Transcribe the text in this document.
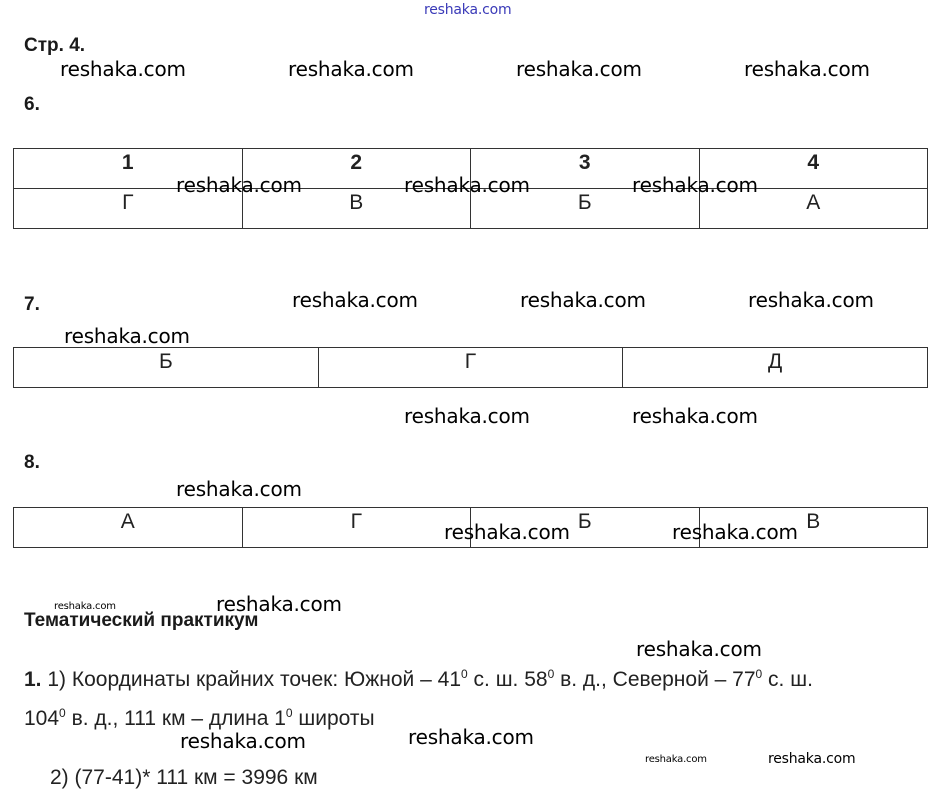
reshaka.com
reshaka.com	reshaka.com	reshaka.com	reshaka.com
Стр. 4.
6.
1	2	3	4
Г	В	Б	А
reshaka.com	reshaka.com	reshaka.com
7.	reshaka.com	reshaka.com	reshaka.com
reshaka.com
Б	Г	Д
reshaka.com	reshaka.com
8.
reshaka.com
А	Г	Б	В
reshaka.com	reshaka.com
reshaka.com	reshaka.com
Тематический практикум
reshaka.com
1. 1) Координаты крайних точек: Южной – $41^0$ с. ш. $58^0$ в. д., Северной – $77^0$ с. ш.
$104^0$ в. д., 111 км – длина $1^0$ широты
reshaka.com	reshaka.com
reshaka.com	reshaka.com
2) (77-41)* 111 км = 3996 км
